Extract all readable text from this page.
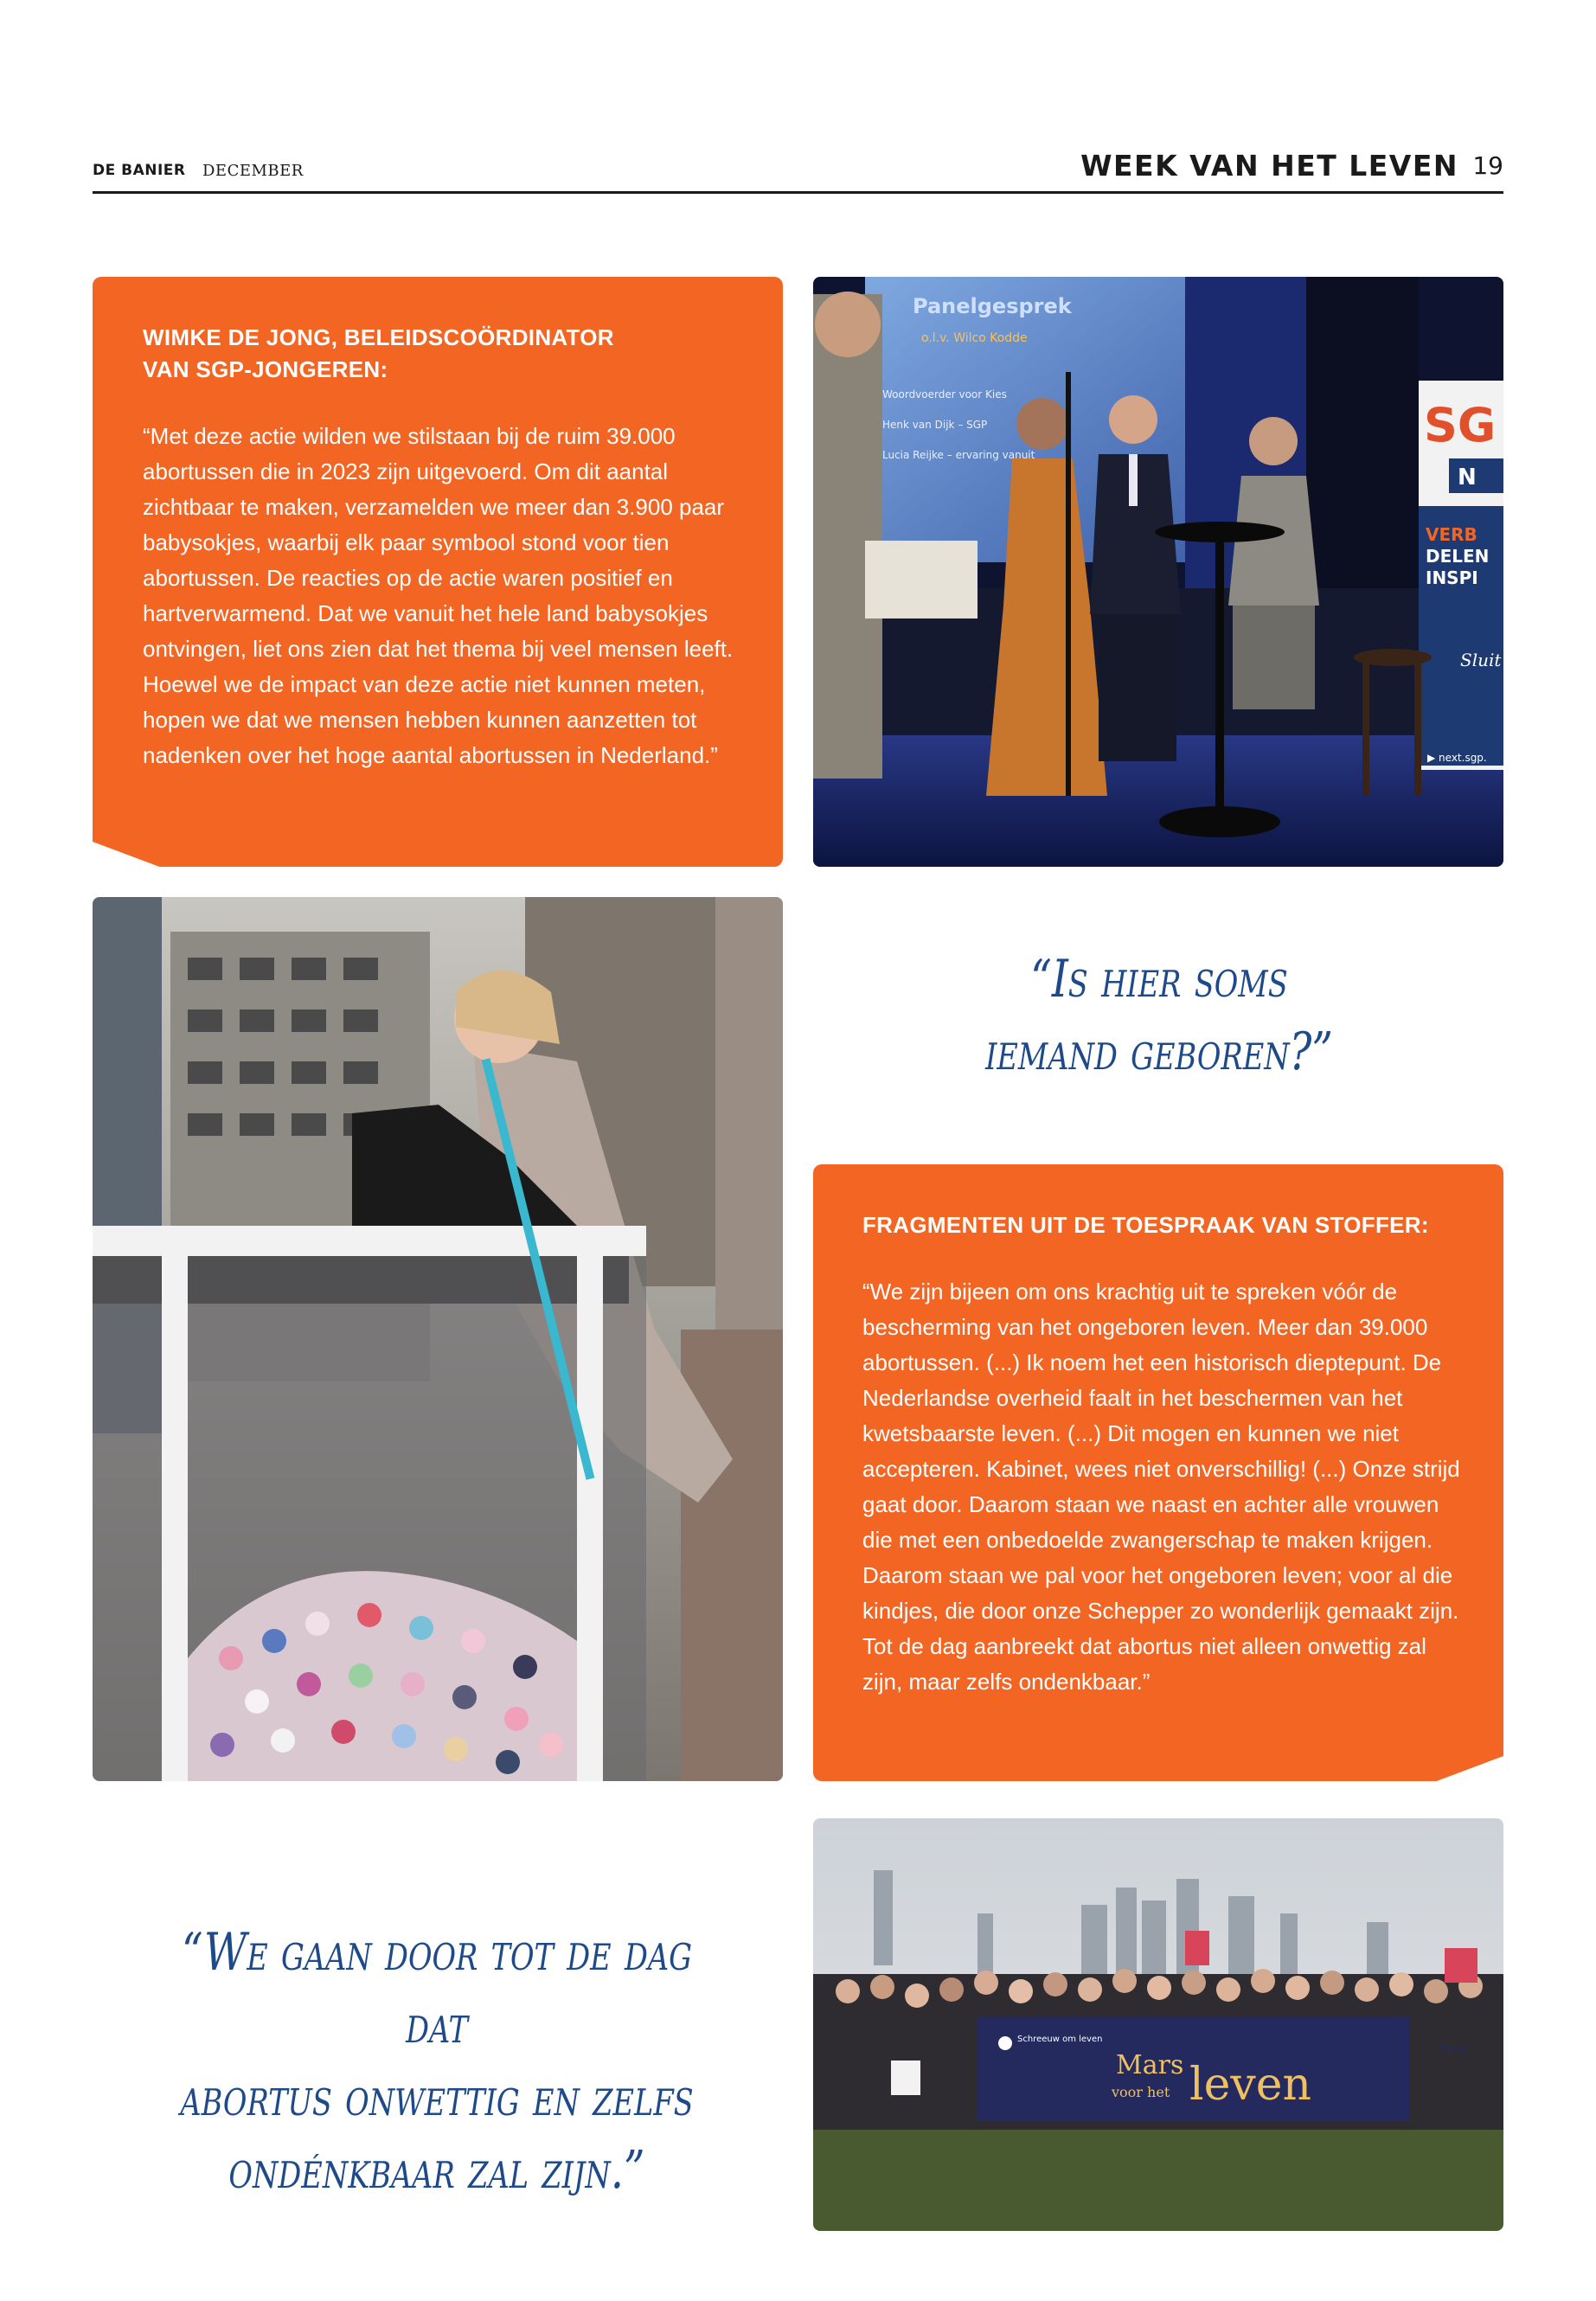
DE BANIER DECEMBER	WEEK VAN HET LEVEN 19
WIMKE DE JONG, BELEIDSCOÖRDINATOR
VAN SGP-JONGEREN:
“Met deze actie wilden we stilstaan bij de ruim 39.000 abortussen die in 2023 zijn uitgevoerd. Om dit aantal zichtbaar te maken, verzamelden we meer dan 3.900 paar babysokjes, waarbij elk paar symbool stond voor tien abortussen. De reacties op de actie waren positief en hartverwarmend. Dat we vanuit het hele land babysokjes ontvingen, liet ons zien dat het thema bij veel mensen leeft. Hoewel we de impact van deze actie niet kunnen meten, hopen we dat we mensen hebben kunnen aanzetten tot nadenken over het hoge aantal abortussen in Nederland.”
Panelgesprek
o.l.v. Wilco Kodde
Woordvoerder voor Kies
Henk van Dijk – SGP
Lucia Reijke – ervaring vanuit
SG
N
VERB
DELEN
INSPI
Sluit
▶ next.sgp.
“Is hier soms
iemand geboren?”
FRAGMENTEN UIT DE TOESPRAAK VAN STOFFER:
“We zijn bijeen om ons krachtig uit te spreken vóór de bescherming van het ongeboren leven. Meer dan 39.000 abortussen. (...) Ik noem het een historisch dieptepunt. De Nederlandse overheid faalt in het beschermen van het kwetsbaarste leven. (...) Dit mogen en kunnen we niet accepteren. Kabinet, wees niet onverschillig! (...) Onze strijd gaat door. Daarom staan we naast en achter alle vrouwen die met een onbedoelde zwangerschap te maken krijgen. Daarom staan we pal voor het ongeboren leven; voor al die kindjes, die door onze Schepper zo wonderlijk gemaakt zijn. Tot de dag aanbreekt dat abortus niet alleen onwettig zal zijn, maar zelfs ondenkbaar.”
“We gaan door tot de dag dat
abortus onwettig en zelfs
ondénkbaar zal zijn.”
Schreeuw om leven
Mars
voor het leven
Hoop
